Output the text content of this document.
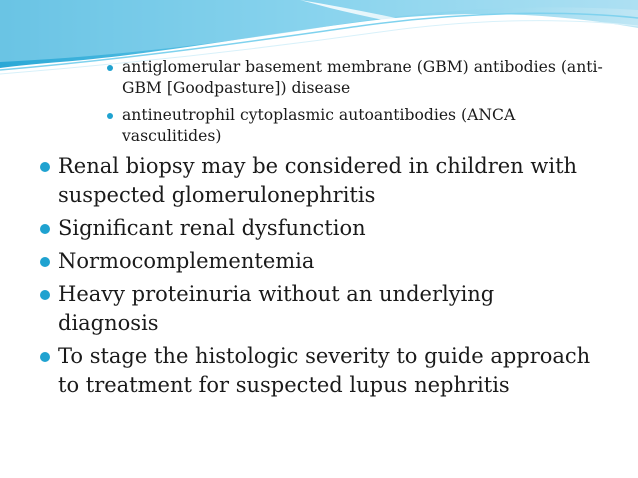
antiglomerular basement membrane (GBM) antibodies (anti-GBM [Goodpasture]) disease
antineutrophil cytoplasmic autoantibodies (ANCA vasculitides)
Renal biopsy may be considered in children with suspected glomerulonephritis
Significant renal dysfunction
Normocomplementemia
Heavy proteinuria without an underlying diagnosis
To stage the histologic severity to guide approach to treatment for suspected lupus nephritis
